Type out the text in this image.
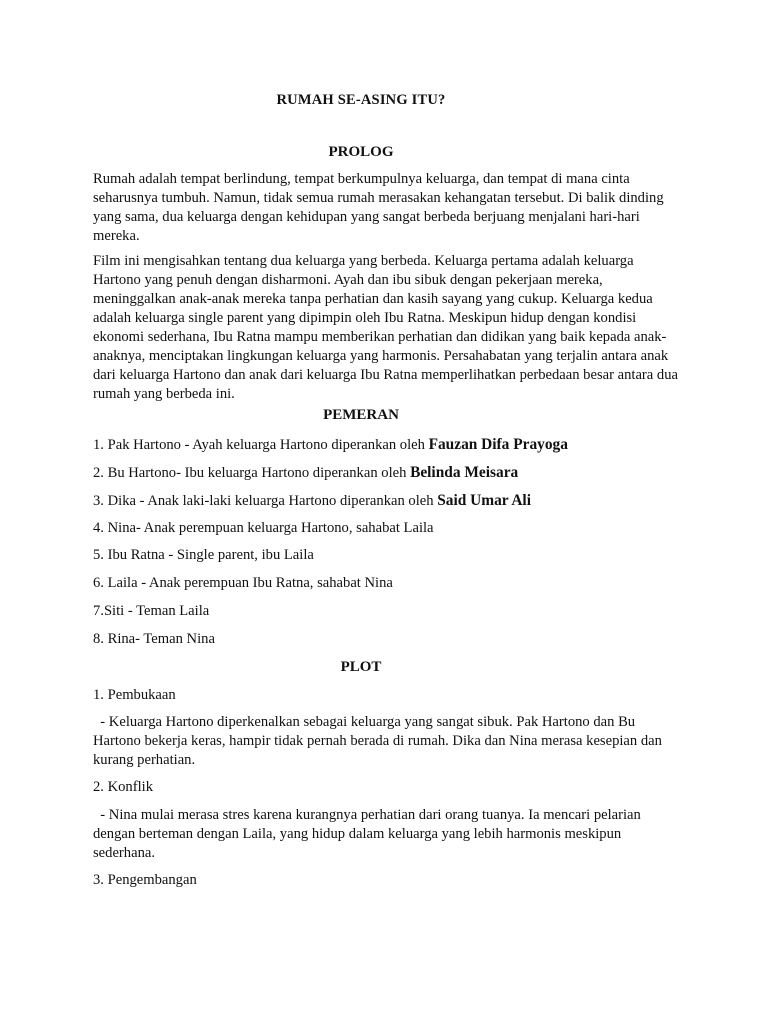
RUMAH SE-ASING ITU?
PROLOG

Rumah adalah tempat berlindung, tempat berkumpulnya keluarga, dan tempat di mana cinta seharusnya tumbuh. Namun, tidak semua rumah merasakan kehangatan tersebut. Di balik dinding yang sama, dua keluarga dengan kehidupan yang sangat berbeda berjuang menjalani hari-hari mereka.

Film ini mengisahkan tentang dua keluarga yang berbeda. Keluarga pertama adalah keluarga Hartono yang penuh dengan disharmoni. Ayah dan ibu sibuk dengan pekerjaan mereka, meninggalkan anak-anak mereka tanpa perhatian dan kasih sayang yang cukup. Keluarga kedua adalah keluarga single parent yang dipimpin oleh Ibu Ratna. Meskipun hidup dengan kondisi ekonomi sederhana, Ibu Ratna mampu memberikan perhatian dan didikan yang baik kepada anak-anaknya, menciptakan lingkungan keluarga yang harmonis. Persahabatan yang terjalin antara anak dari keluarga Hartono dan anak dari keluarga Ibu Ratna memperlihatkan perbedaan besar antara dua rumah yang berbeda ini.

PEMERAN
1. Pak Hartono - Ayah keluarga Hartono diperankan oleh Fauzan Difa Prayoga
2. Bu Hartono- Ibu keluarga Hartono diperankan oleh Belinda Meisara
3. Dika - Anak laki-laki keluarga Hartono diperankan oleh Said Umar Ali
4. Nina- Anak perempuan keluarga Hartono, sahabat Laila
5. Ibu Ratna - Single parent, ibu Laila
6. Laila - Anak perempuan Ibu Ratna, sahabat Nina
7.Siti - Teman Laila
8. Rina- Teman Nina
PLOT
1. Pembukaan

- Keluarga Hartono diperkenalkan sebagai keluarga yang sangat sibuk. Pak Hartono dan Bu Hartono bekerja keras, hampir tidak pernah berada di rumah. Dika dan Nina merasa kesepian dan kurang perhatian.

2. Konflik

- Nina mulai merasa stres karena kurangnya perhatian dari orang tuanya. Ia mencari pelarian dengan berteman dengan Laila, yang hidup dalam keluarga yang lebih harmonis meskipun sederhana.

3. Pengembangan
